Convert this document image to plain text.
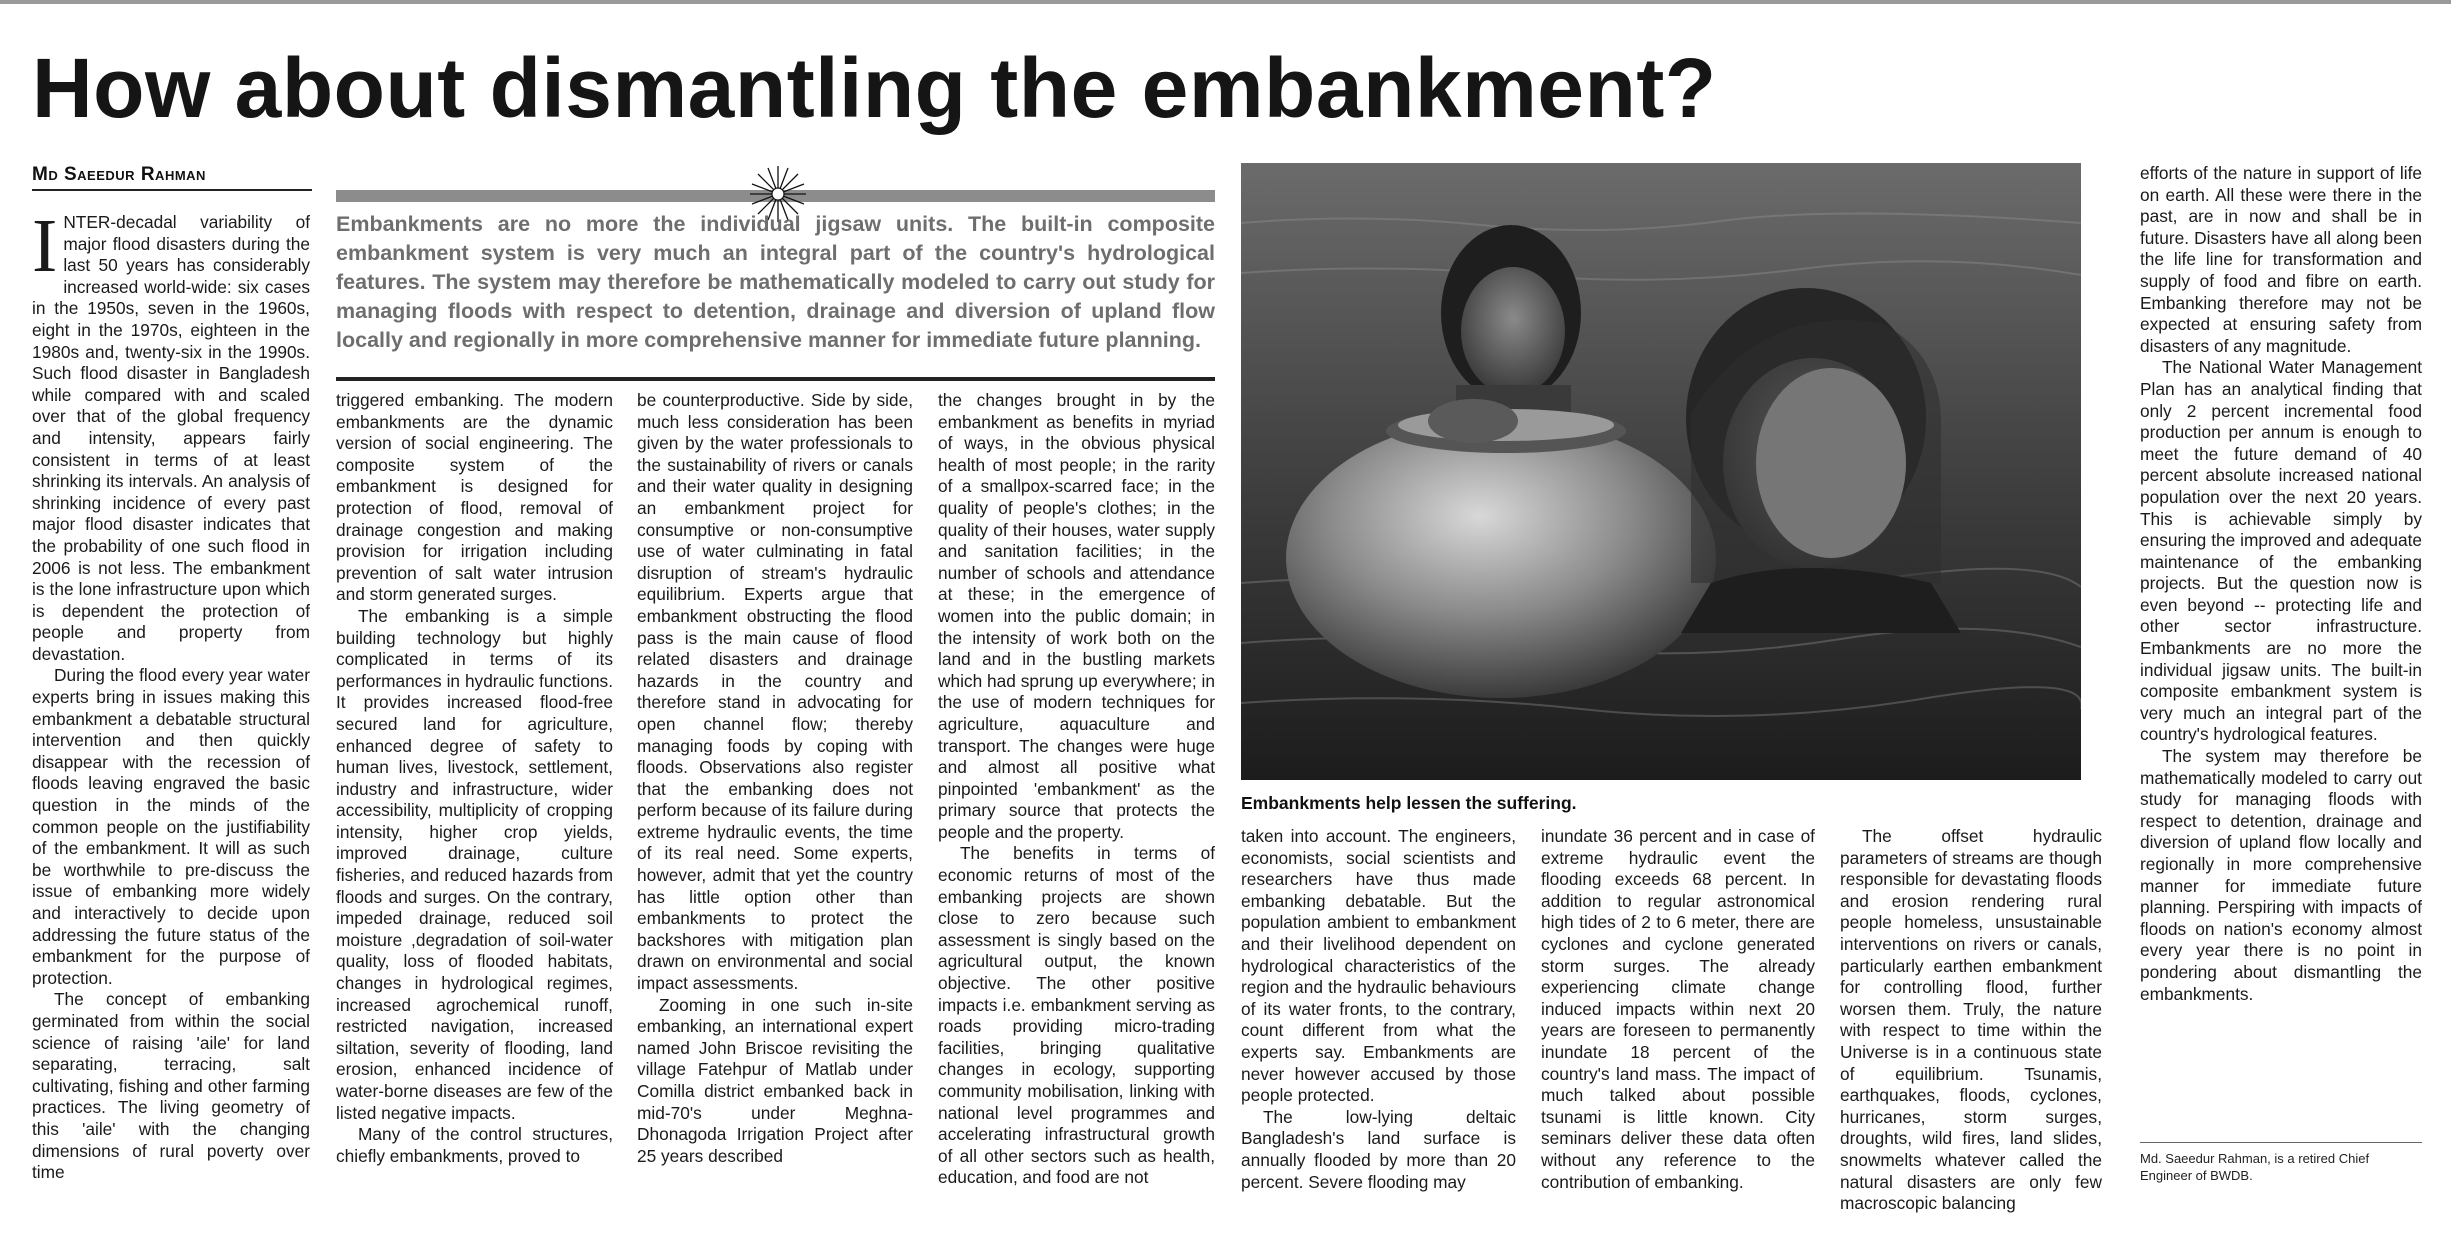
How about dismantling the embankment?
Md Saeedur Rahman

Embankments are no more the individual jigsaw units. The built-in composite embankment system is very much an integral part of the country's hydrological features. The system may therefore be mathematically modeled to carry out study for managing floods with respect to detention, drainage and diversion of upland flow locally and regionally in more comprehensive manner for immediate future planning.

INTER-decadal variability of major flood disasters during the last 50 years has considerably increased world-wide: six cases in the 1950s, seven in the 1960s, eight in the 1970s, eighteen in the 1980s and, twenty-six in the 1990s. Such flood disaster in Bangladesh while compared with and scaled over that of the global frequency and intensity, appears fairly consistent in terms of at least shrinking its intervals. An analysis of shrinking incidence of every past major flood disaster indicates that the probability of one such flood in 2006 is not less. The embankment is the lone infrastructure upon which is dependent the protection of people and property from devastation.

During the flood every year water experts bring in issues making this embankment a debatable structural intervention and then quickly disappear with the recession of floods leaving engraved the basic question in the minds of the common people on the justifiability of the embankment. It will as such be worthwhile to pre-discuss the issue of embanking more widely and interactively to decide upon addressing the future status of the embankment for the purpose of protection.

The concept of embanking germinated from within the social science of raising 'aile' for land separating, terracing, salt cultivating, fishing and other farming practices. The living geometry of this 'aile' with the changing dimensions of rural poverty over time

triggered embanking. The modern embankments are the dynamic version of social engineering. The composite system of the embankment is designed for protection of flood, removal of drainage congestion and making provision for irrigation including prevention of salt water intrusion and storm generated surges.

The embanking is a simple building technology but highly complicated in terms of its performances in hydraulic functions. It provides increased flood-free secured land for agriculture, enhanced degree of safety to human lives, livestock, settlement, industry and infrastructure, wider accessibility, multiplicity of cropping intensity, higher crop yields, improved drainage, culture fisheries, and reduced hazards from floods and surges. On the contrary, impeded drainage, reduced soil moisture ,degradation of soil-water quality, loss of flooded habitats, changes in hydrological regimes, increased agrochemical runoff, restricted navigation, increased siltation, severity of flooding, land erosion, enhanced incidence of water-borne diseases are few of the listed negative impacts.

Many of the control structures, chiefly embankments, proved to

be counterproductive. Side by side, much less consideration has been given by the water professionals to the sustainability of rivers or canals and their water quality in designing an embankment project for consumptive or non-consumptive use of water culminating in fatal disruption of stream's hydraulic equilibrium. Experts argue that embankment obstructing the flood pass is the main cause of flood related disasters and drainage hazards in the country and therefore stand in advocating for open channel flow; thereby managing foods by coping with floods. Observations also register that the embanking does not perform because of its failure during extreme hydraulic events, the time of its real need. Some experts, however, admit that yet the country has little option other than embankments to protect the backshores with mitigation plan drawn on environmental and social impact assessments.

Zooming in one such in-site embanking, an international expert named John Briscoe revisiting the village Fatehpur of Matlab under Comilla district embanked back in mid-70's under Meghna-Dhonagoda Irrigation Project after 25 years described

the changes brought in by the embankment as benefits in myriad of ways, in the obvious physical health of most people; in the rarity of a smallpox-scarred face; in the quality of people's clothes; in the quality of their houses, water supply and sanitation facilities; in the number of schools and attendance at these; in the emergence of women into the public domain; in the intensity of work both on the land and in the bustling markets which had sprung up everywhere; in the use of modern techniques for agriculture, aquaculture and transport. The changes were huge and almost all positive what pinpointed 'embankment' as the primary source that protects the people and the property.

The benefits in terms of economic returns of most of the embanking projects are shown close to zero because such assessment is singly based on the agricultural output, the known objective. The other positive impacts i.e. embankment serving as roads providing micro-trading facilities, bringing qualitative changes in ecology, supporting community mobilisation, linking with national level programmes and accelerating infrastructural growth of all other sectors such as health, education, and food are not

Embankments help lessen the suffering.

taken into account. The engineers, economists, social scientists and researchers have thus made embanking debatable. But the population ambient to embankment and their livelihood dependent on hydrological characteristics of the region and the hydraulic behaviours of its water fronts, to the contrary, count different from what the experts say. Embankments are never however accused by those people protected.

The low-lying deltaic Bangladesh's land surface is annually flooded by more than 20 percent. Severe flooding may

inundate 36 percent and in case of extreme hydraulic event the flooding exceeds 68 percent. In addition to regular astronomical high tides of 2 to 6 meter, there are cyclones and cyclone generated storm surges. The already experiencing climate change induced impacts within next 20 years are foreseen to permanently inundate 18 percent of the country's land mass. The impact of much talked about possible tsunami is little known. City seminars deliver these data often without any reference to the contribution of embanking.

The offset hydraulic parameters of streams are though responsible for devastating floods and erosion rendering rural people homeless, unsustainable interventions on rivers or canals, particularly earthen embankment for controlling flood, further worsen them. Truly, the nature with respect to time within the Universe is in a continuous state of equilibrium. Tsunamis, earthquakes, floods, cyclones, hurricanes, storm surges, droughts, wild fires, land slides, snowmelts whatever called the natural disasters are only few macroscopic balancing

efforts of the nature in support of life on earth. All these were there in the past, are in now and shall be in future. Disasters have all along been the life line for transformation and supply of food and fibre on earth. Embanking therefore may not be expected at ensuring safety from disasters of any magnitude.

The National Water Management Plan has an analytical finding that only 2 percent incremental food production per annum is enough to meet the future demand of 40 percent absolute increased national population over the next 20 years. This is achievable simply by ensuring the improved and adequate maintenance of the embanking projects. But the question now is even beyond -- protecting life and other sector infrastructure. Embankments are no more the individual jigsaw units. The built-in composite embankment system is very much an integral part of the country's hydrological features.

The system may therefore be mathematically modeled to carry out study for managing floods with respect to detention, drainage and diversion of upland flow locally and regionally in more comprehensive manner for immediate future planning. Perspiring with impacts of floods on nation's economy almost every year there is no point in pondering about dismantling the embankments.

Md. Saeedur Rahman, is a retired Chief Engineer of BWDB.
